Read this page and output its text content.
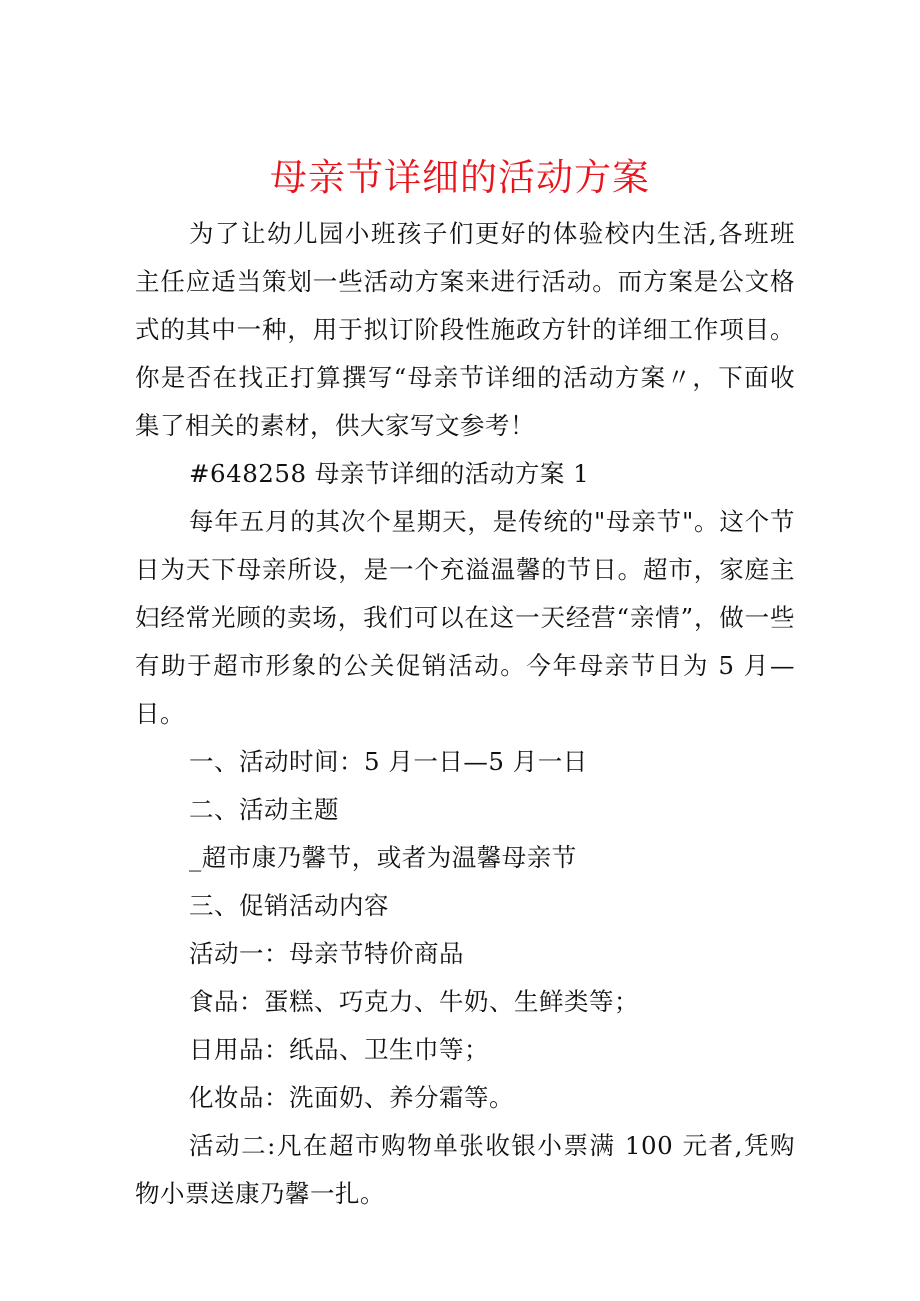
母亲节详细的活动方案

为了让幼儿园小班孩子们更好的体验校内生活,各班班主任应适当策划一些活动方案来进行活动。而方案是公文格式的其中一种，用于拟订阶段性施政方针的详细工作项目。你是否在找正打算撰写“母亲节详细的活动方案〃，下面收集了相关的素材，供大家写文参考！

#648258 母亲节详细的活动方案 1

每年五月的其次个星期天，是传统的"母亲节"。这个节日为天下母亲所设，是一个充溢温馨的节日。超市，家庭主妇经常光顾的卖场，我们可以在这一天经营“亲情”，做一些有助于超市形象的公关促销活动。今年母亲节日为 5 月—日。

一、活动时间：5 月一日—5 月一日

二、活动主题

_超市康乃馨节，或者为温馨母亲节

三、促销活动内容

活动一：母亲节特价商品

食品：蛋糕、巧克力、牛奶、生鲜类等；

日用品：纸品、卫生巾等；

化妆品：洗面奶、养分霜等。

活动二:凡在超市购物单张收银小票满 100 元者,凭购物小票送康乃馨一扎。
